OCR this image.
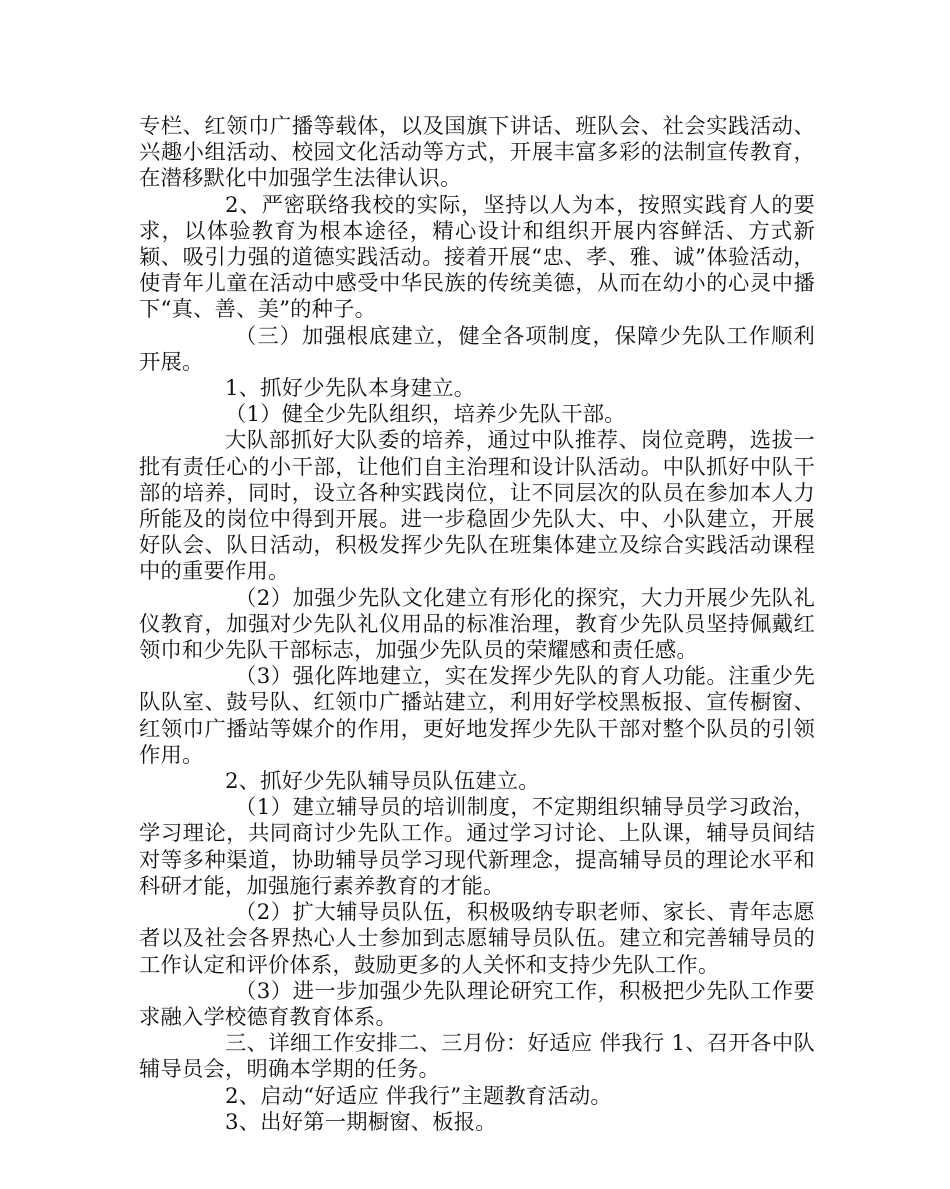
专栏、红领巾广播等载体，以及国旗下讲话、班队会、社会实践活动、兴趣小组活动、校园文化活动等方式，开展丰富多彩的法制宣传教育，在潜移默化中加强学生法律认识。

2、严密联络我校的实际，坚持以人为本，按照实践育人的要求，以体验教育为根本途径，精心设计和组织开展内容鲜活、方式新颖、吸引力强的道德实践活动。接着开展“忠、孝、雅、诚”体验活动，使青年儿童在活动中感受中华民族的传统美德，从而在幼小的心灵中播下“真、善、美”的种子。

（三）加强根底建立，健全各项制度，保障少先队工作顺利开展。

1、抓好少先队本身建立。

（1）健全少先队组织，培养少先队干部。

大队部抓好大队委的培养，通过中队推荐、岗位竞聘，选拔一批有责任心的小干部，让他们自主治理和设计队活动。中队抓好中队干部的培养，同时，设立各种实践岗位，让不同层次的队员在参加本人力所能及的岗位中得到开展。进一步稳固少先队大、中、小队建立，开展好队会、队日活动，积极发挥少先队在班集体建立及综合实践活动课程中的重要作用。

（2）加强少先队文化建立有形化的探究，大力开展少先队礼仪教育，加强对少先队礼仪用品的标准治理，教育少先队员坚持佩戴红领巾和少先队干部标志，加强少先队员的荣耀感和责任感。

（3）强化阵地建立，实在发挥少先队的育人功能。注重少先队队室、鼓号队、红领巾广播站建立，利用好学校黑板报、宣传橱窗、红领巾广播站等媒介的作用，更好地发挥少先队干部对整个队员的引领作用。

2、抓好少先队辅导员队伍建立。

（1）建立辅导员的培训制度，不定期组织辅导员学习政治，学习理论，共同商讨少先队工作。通过学习讨论、上队课，辅导员间结对等多种渠道，协助辅导员学习现代新理念，提高辅导员的理论水平和科研才能，加强施行素养教育的才能。

（2）扩大辅导员队伍，积极吸纳专职老师、家长、青年志愿者以及社会各界热心人士参加到志愿辅导员队伍。建立和完善辅导员的工作认定和评价体系，鼓励更多的人关怀和支持少先队工作。

（3）进一步加强少先队理论研究工作，积极把少先队工作要求融入学校德育教育体系。

三、详细工作安排二、三月份：好适应 伴我行 1、召开各中队辅导员会，明确本学期的任务。

2、启动“好适应 伴我行”主题教育活动。

3、出好第一期橱窗、板报。
